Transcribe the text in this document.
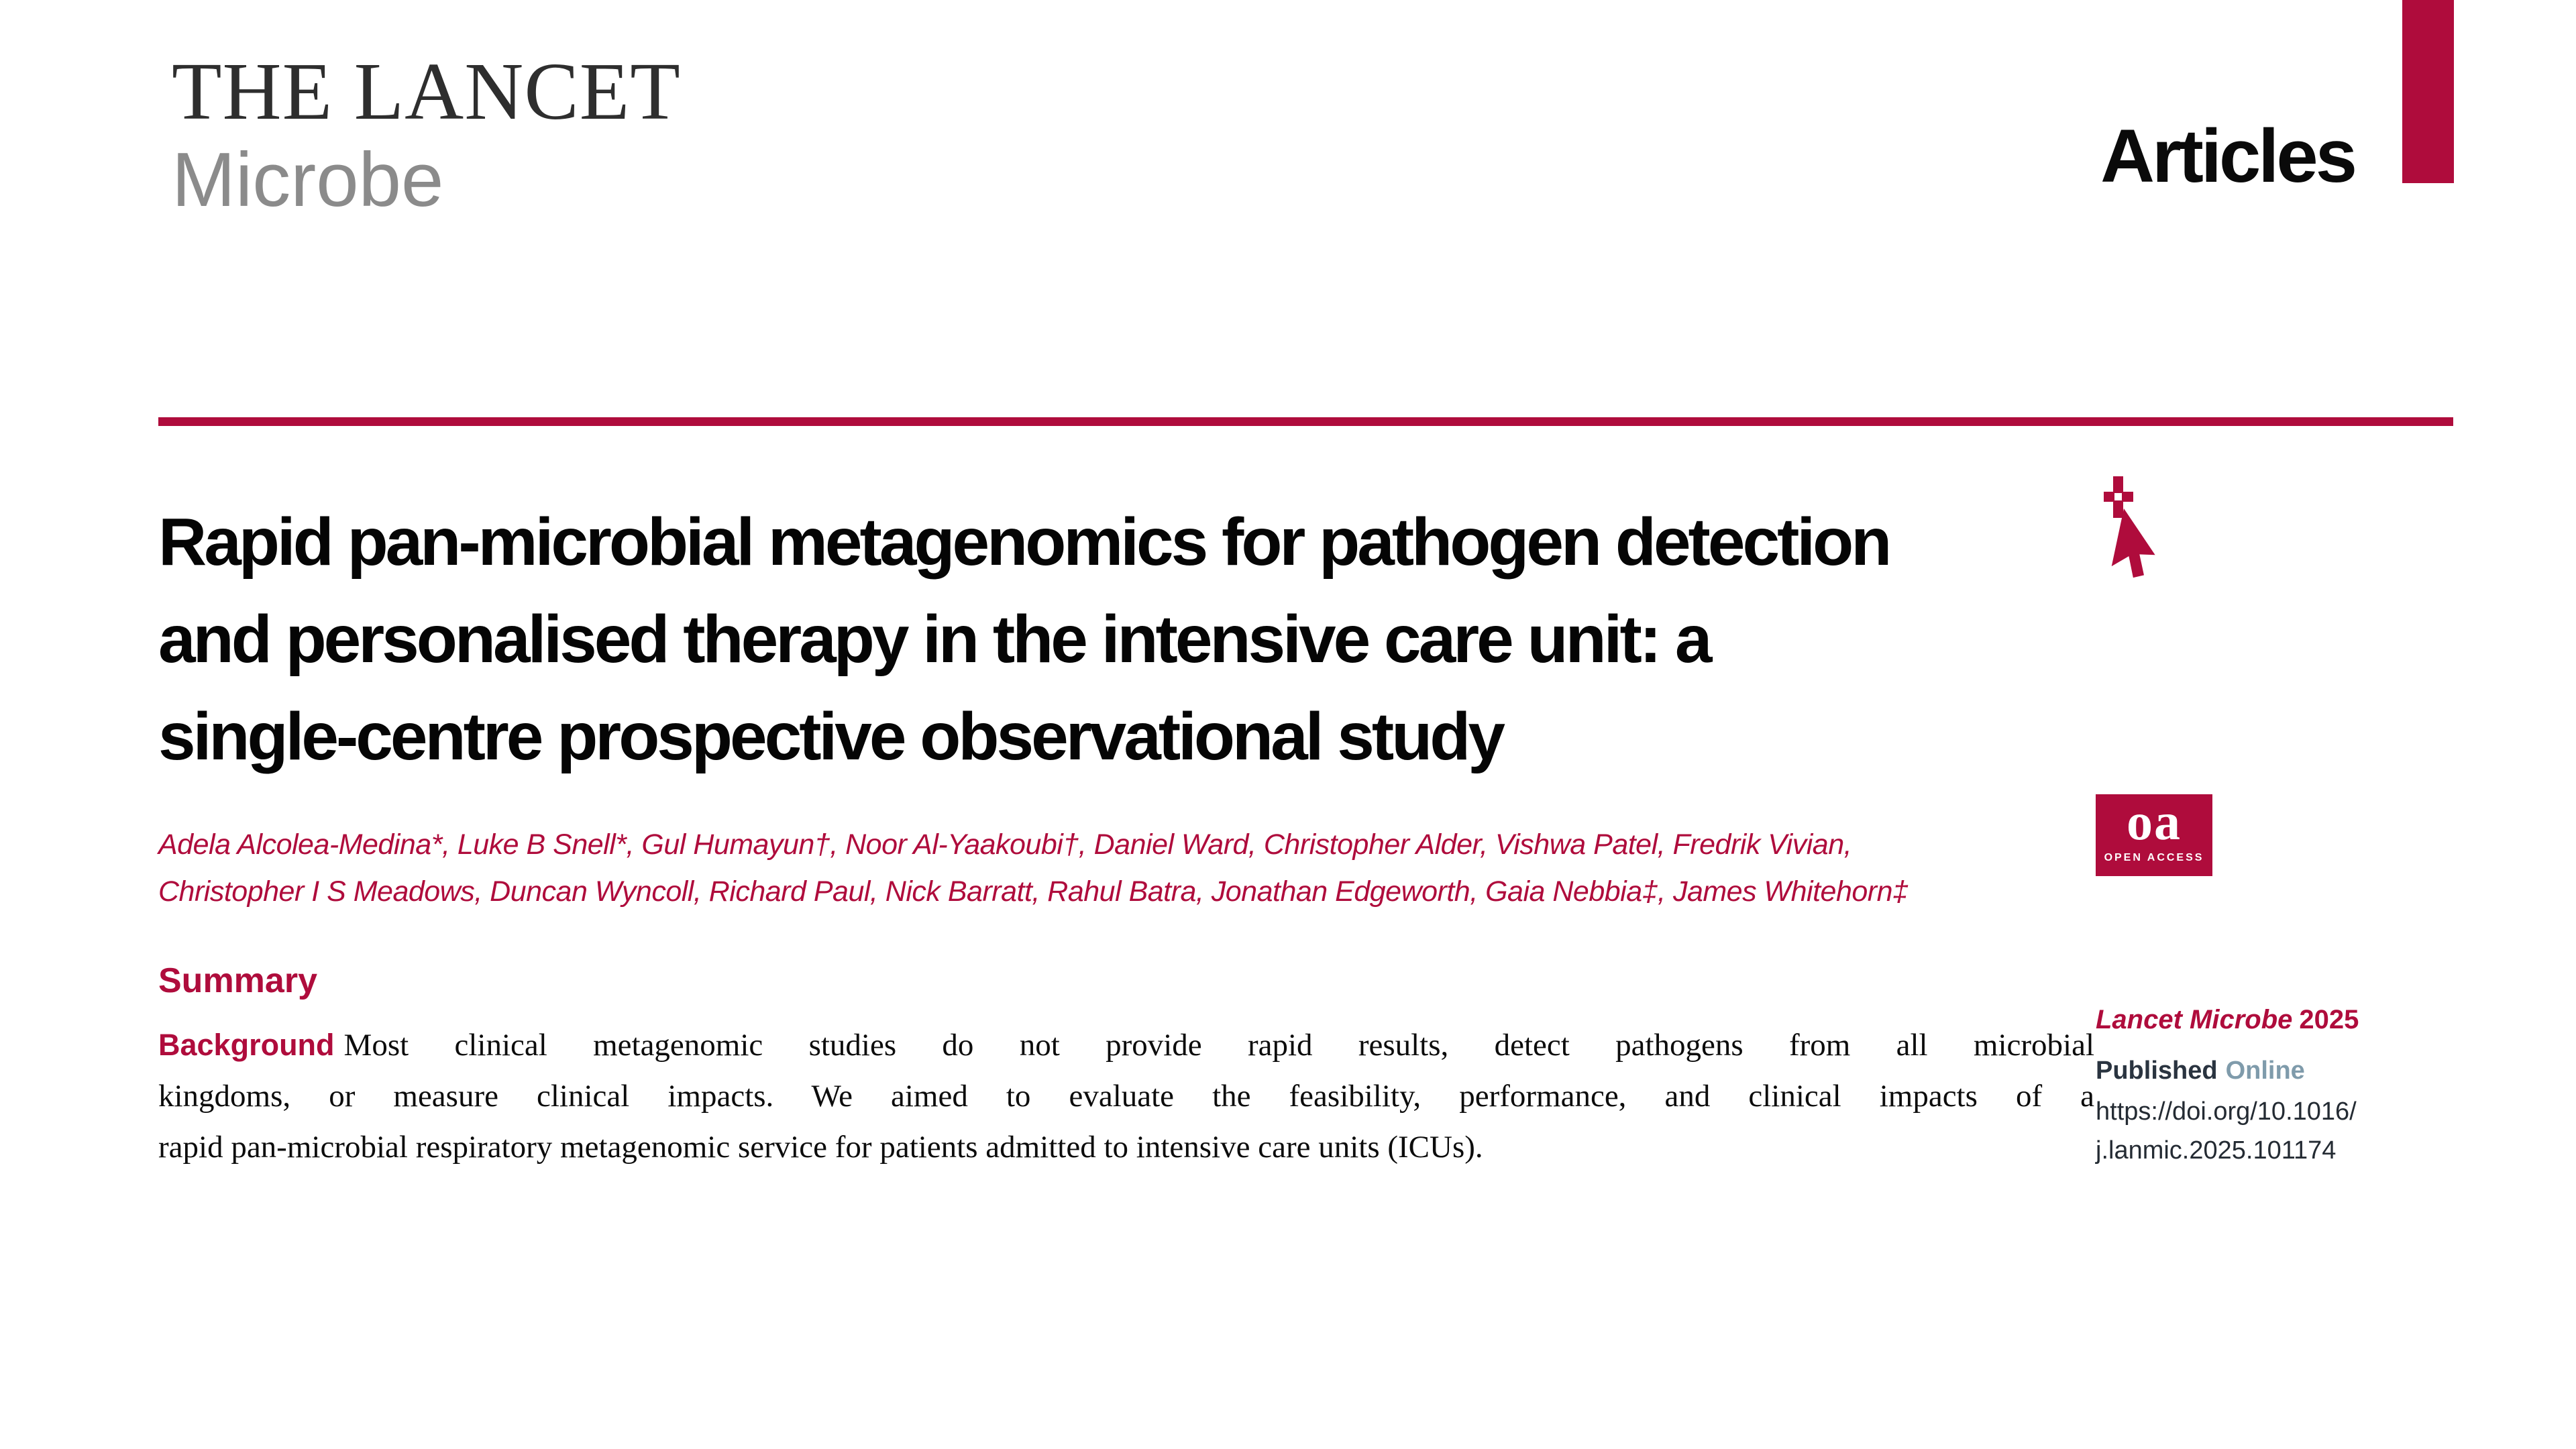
THE LANCET
Microbe	Articles
Rapid pan-microbial metagenomics for pathogen detection
and personalised therapy in the intensive care unit: a
single-centre prospective observational study
Adela Alcolea-Medina*, Luke B Snell*, Gul Humayun†, Noor Al-Yaakoubi†, Daniel Ward, Christopher Alder, Vishwa Patel, Fredrik Vivian,
Christopher I S Meadows, Duncan Wyncoll, Richard Paul, Nick Barratt, Rahul Batra, Jonathan Edgeworth, Gaia Nebbia‡, James Whitehorn‡
oa
OPEN ACCESS
Summary

Background Most clinical metagenomic studies do not provide rapid results, detect pathogens from all microbial
kingdoms, or measure clinical impacts. We aimed to evaluate the feasibility, performance, and clinical impacts of a
rapid pan-microbial respiratory metagenomic service for patients admitted to intensive care units (ICUs).

Lancet Microbe 2025
Published Online
https://doi.org/10.1016/
j.lanmic.2025.101174
